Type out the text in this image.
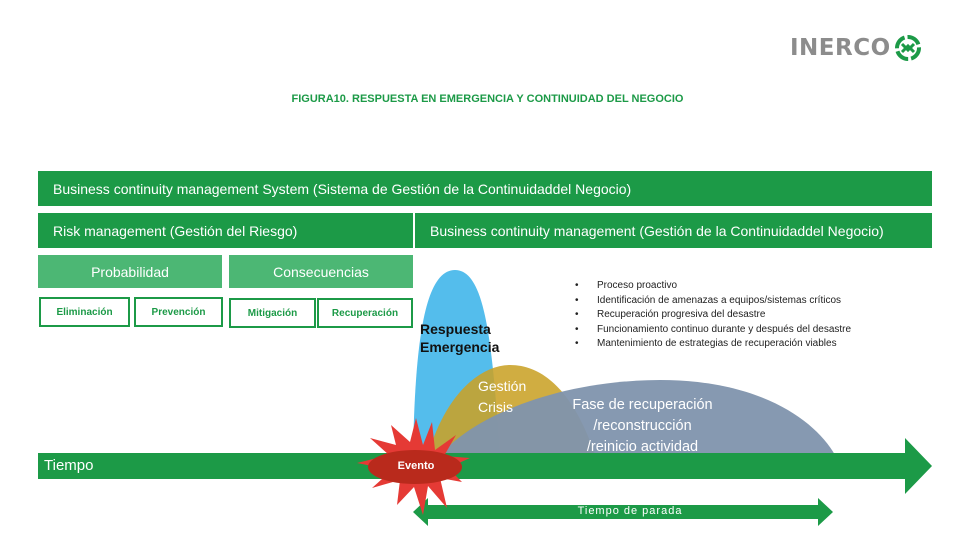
INERCO
FIGURA10. RESPUESTA EN EMERGENCIA Y CONTINUIDAD DEL NEGOCIO
Business continuity management System (Sistema de Gestión de la Continuidaddel Negocio)
Risk management (Gestión del Riesgo)	Business continuity management (Gestión de la Continuidaddel Negocio)
Probabilidad	Consecuencias
Eliminación	Prevención	Mitigación	Recuperación
• Proceso proactivo
• Identificación de amenazas a equipos/sistemas críticos
• Recuperación progresiva del desastre
• Funcionamiento continuo durante y después del desastre
• Mantenimiento de estrategias de recuperación viables
Respuesta
Emergencia
Gestión
Crisis	Fase de recuperación
/reconstrucción
/reinicio actividad
Tiempo	Evento
Tiempo de parada
